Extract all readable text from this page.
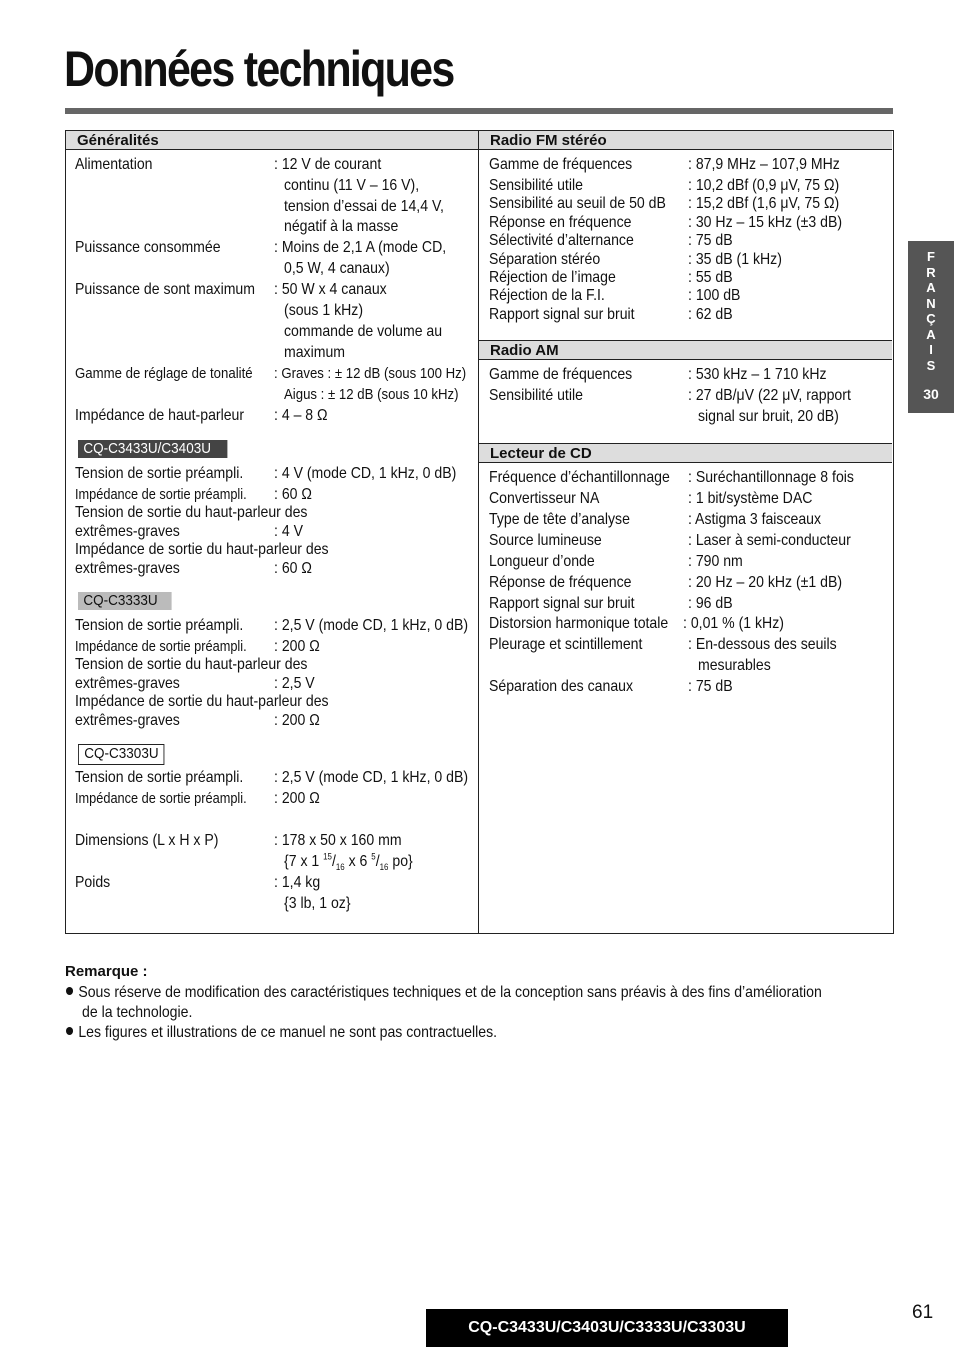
Données techniques
F
R
A
N
Ç
A
I
S
30
Généralités	Radio FM stéréo
Radio AM
Lecteur de CD
Alimentation	: 12 V de courant
continu (11 V – 16 V),
tension d’essai de 14,4 V,
négatif à la masse
Puissance consommée	: Moins de 2,1 A (mode CD,
0,5 W, 4 canaux)
Puissance de sont maximum : 50 W x 4 canaux
(sous 1 kHz)
commande de volume au
maximum
Gamme de réglage de tonalité : Graves : ± 12 dB (sous 100 Hz)
Aigus : ± 12 dB (sous 10 kHz)
Impédance de haut-parleur : 4 – 8 Ω
CQ-C3433U/C3403U
Tension de sortie préampli. : 4 V (mode CD, 1 kHz, 0 dB)
Impédance de sortie préampli. : 60 Ω
Tension de sortie du haut-parleur des
extrêmes-graves	: 4 V
Impédance de sortie du haut-parleur des
extrêmes-graves	: 60 Ω
CQ-C3333U
Tension de sortie préampli. : 2,5 V (mode CD, 1 kHz, 0 dB)
Impédance de sortie préampli. : 200 Ω
Tension de sortie du haut-parleur des
extrêmes-graves	: 2,5 V
Impédance de sortie du haut-parleur des
extrêmes-graves	: 200 Ω
CQ-C3303U
Tension de sortie préampli. : 2,5 V (mode CD, 1 kHz, 0 dB)
Impédance de sortie préampli. : 200 Ω
Dimensions (L x H x P)	: 178 x 50 x 160 mm
{7 x 1 $^{15}/_{16}$ x 6 $^5/_{16}$ po}
Poids	: 1,4 kg
{3 lb, 1 oz}
Gamme de fréquences	: 87,9 MHz – 107,9 MHz
Sensibilité utile	: 10,2 dBf (0,9 μV, 75 Ω)
Sensibilité au seuil de 50 dB : 15,2 dBf (1,6 μV, 75 Ω)
Réponse en fréquence	: 30 Hz – 15 kHz (±3 dB)
Sélectivité d’alternance	: 75 dB
Séparation stéréo	: 35 dB (1 kHz)
Réjection de l’image	: 55 dB
Réjection de la F.I.	: 100 dB
Rapport signal sur bruit	: 62 dB
Gamme de fréquences	: 530 kHz – 1 710 kHz
Sensibilité utile	: 27 dB/μV (22 μV, rapport
signal sur bruit, 20 dB)
Fréquence d’échantillonnage : Suréchantillonnage 8 fois
Convertisseur NA	: 1 bit/système DAC
Type de tête d’analyse	: Astigma 3 faisceaux
Source lumineuse	: Laser à semi-conducteur
Longueur d’onde	: 790 nm
Réponse de fréquence	: 20 Hz – 20 kHz (±1 dB)
Rapport signal sur bruit	: 96 dB
Distorsion harmonique totale : 0,01 % (1 kHz)
Pleurage et scintillement	: En-dessous des seuils
mesurables
Séparation des canaux	: 75 dB
Remarque :
Sous réserve de modification des caractéristiques techniques et de la conception sans préavis à des fins d’amélioration
de la technologie.
Les figures et illustrations de ce manuel ne sont pas contractuelles.
CQ-C3433U/C3403U/C3333U/C3303U
61
